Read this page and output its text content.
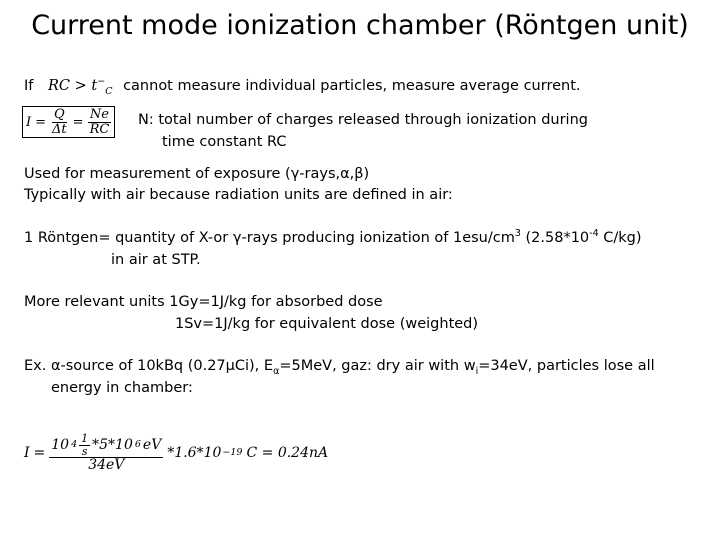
Current mode ionization chamber (Röntgen unit)
If RC > $t^-_C$ cannot measure individual particles, measure average current.
$I = \frac{Q}{\Delta t} = \frac{Ne}{RC} N$: total number of charges released through ionization during
time constant RC
Used for measurement of exposure (γ-rays,α,β)
Typically with air because radiation units are defined in air:
1 Röntgen= quantity of X-or γ-rays producing ionization of $1esu/cm^3$ ($2.58*10^{-4}$ C/kg)
in air at STP.
More relevant units 1Gy=1J/kg for absorbed dose
1Sv=1J/kg for equivalent dose (weighted)
Ex. α-source of 10kBq (0.27μCi), $E_\alpha=5MeV$, gaz: dry air with $w_i=34eV$, particles lose all
energy in chamber:
$I = \frac{10 4 \frac{1}{s} *5*10 6 eV}{34eV} *1.6*10 -19$ C = 0.24nA
